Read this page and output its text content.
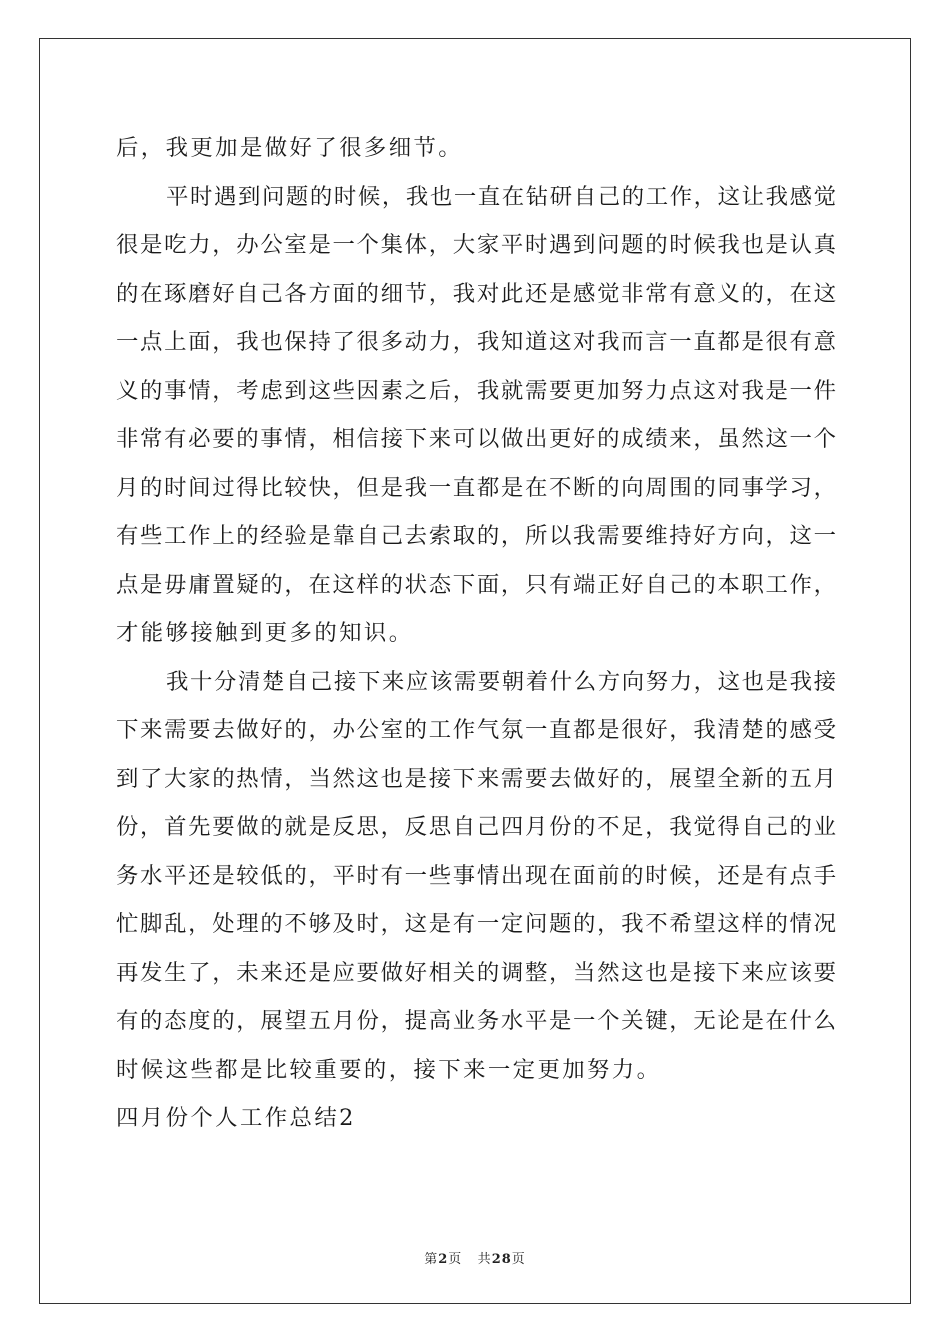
后，我更加是做好了很多细节。
平时遇到问题的时候，我也一直在钻研自己的工作，这让我感觉
很是吃力，办公室是一个集体，大家平时遇到问题的时候我也是认真
的在琢磨好自己各方面的细节，我对此还是感觉非常有意义的，在这
一点上面，我也保持了很多动力，我知道这对我而言一直都是很有意
义的事情，考虑到这些因素之后，我就需要更加努力点这对我是一件
非常有必要的事情，相信接下来可以做出更好的成绩来，虽然这一个
月的时间过得比较快，但是我一直都是在不断的向周围的同事学习，
有些工作上的经验是靠自己去索取的，所以我需要维持好方向，这一
点是毋庸置疑的，在这样的状态下面，只有端正好自己的本职工作，
才能够接触到更多的知识。
我十分清楚自己接下来应该需要朝着什么方向努力，这也是我接
下来需要去做好的，办公室的工作气氛一直都是很好，我清楚的感受
到了大家的热情，当然这也是接下来需要去做好的，展望全新的五月
份，首先要做的就是反思，反思自己四月份的不足，我觉得自己的业
务水平还是较低的，平时有一些事情出现在面前的时候，还是有点手
忙脚乱，处理的不够及时，这是有一定问题的，我不希望这样的情况
再发生了，未来还是应要做好相关的调整，当然这也是接下来应该要
有的态度的，展望五月份，提高业务水平是一个关键，无论是在什么
时候这些都是比较重要的，接下来一定更加努力。
四月份个人工作总结2
第2页 共28页
